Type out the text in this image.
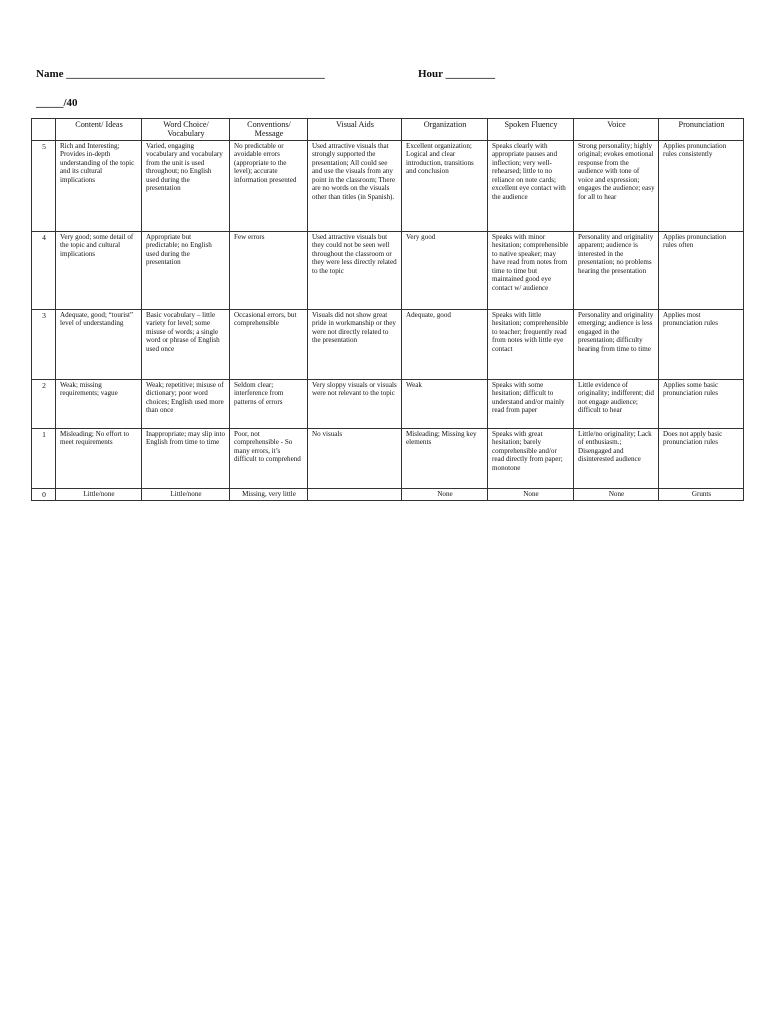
Name _______________________________________________	Hour _________
_____/40
	Content/ Ideas	Word Choice/ Vocabulary	Conventions/ Message	Visual Aids	Organization	Spoken Fluency	Voice	Pronunciation
5	Rich and Interesting; Provides in-depth understanding of the topic and its cultural implications	Varied, engaging vocabulary and vocabulary from the unit is used throughout; no English used during the presentation	No predictable or avoidable errors (appropriate to the level); accurate information presented	Used attractive visuals that strongly supported the presentation; All could see and use the visuals from any point in the classroom; There are no words on the visuals other than titles (in Spanish).	Excellent organization; Logical and clear introduction, transitions and conclusion	Speaks clearly with appropriate pauses and inflection; very well-rehearsed; little to no reliance on note cards; excellent eye contact with the audience	Strong personality; highly original; evokes emotional response from the audience with tone of voice and expression; engages the audience; easy for all to hear	Applies pronunciation rules consistently
4	Very good; some detail of the topic and cultural implications	Appropriate but predictable; no English used during the presentation	Few errors	Used attractive visuals but they could not be seen well throughout the classroom or they were less directly related to the topic	Very good	Speaks with minor hesitation; comprehensible to native speaker; may have read from notes from time to time but maintained good eye contact w/ audience	Personality and originality apparent; audience is interested in the presentation; no problems hearing the presentation	Applies pronunciation rules often
3	Adequate, good; “tourist” level of understanding	Basic vocabulary – little variety for level; some misuse of words; a single word or phrase of English used once	Occasional errors, but comprehensible	Visuals did not show great pride in workmanship or they were not directly related to the presentation	Adequate, good	Speaks with little hesitation; comprehensible to teacher; frequently read from notes with little eye contact	Personality and originality emerging; audience is less engaged in the presentation; difficulty hearing from time to time	Applies most pronunciation rules
2	Weak; missing requirements; vague	Weak; repetitive; misuse of dictionary; poor word choices; English used more than once	Seldom clear; interference from patterns of errors	Very sloppy visuals or visuals were not relevant to the topic	Weak	Speaks with some hesitation; difficult to understand and/or mainly read from paper	Little evidence of originality; indifferent; did not engage audience; difficult to hear	Applies some basic pronunciation rules
1	Misleading; No effort to meet requirements	Inappropriate; may slip into English from time to time	Poor, not comprehensible - So many errors, it’s difficult to comprehend	No visuals	Misleading; Missing key elements	Speaks with great hesitation; barely comprehensible and/or read directly from paper; monotone	Little/no originality; Lack of enthusiasm.; Disengaged and disinterested audience	Does not apply basic pronunciation rules
0	Little/none	Little/none	Missing, very little		None	None	None	Grunts
